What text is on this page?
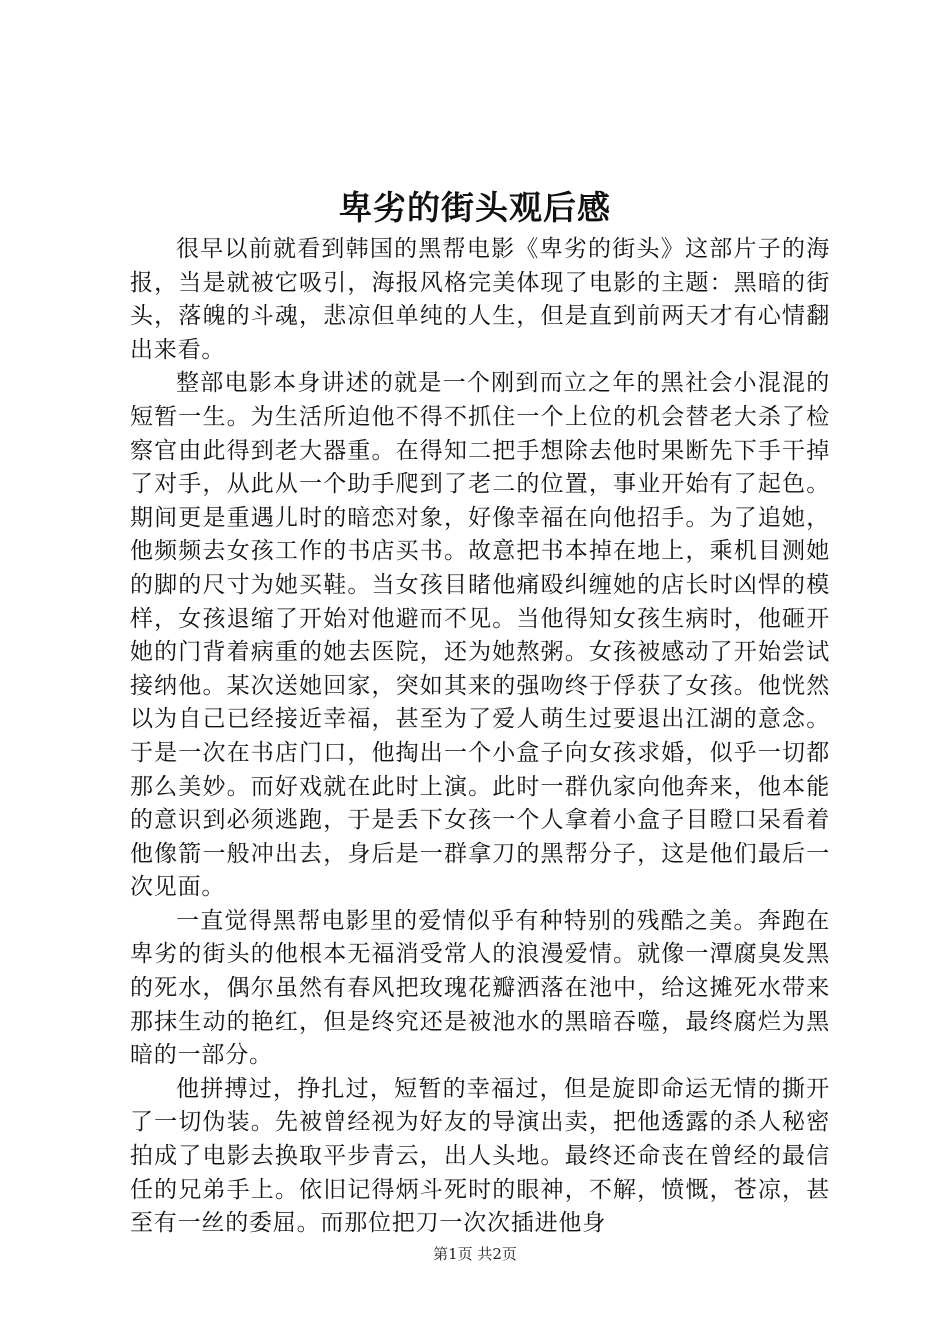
卑劣的街头观后感

很早以前就看到韩国的黑帮电影《卑劣的街头》这部片子的海报，当是就被它吸引，海报风格完美体现了电影的主题：黑暗的街头，落魄的斗魂，悲凉但单纯的人生，但是直到前两天才有心情翻出来看。

整部电影本身讲述的就是一个刚到而立之年的黑社会小混混的短暂一生。为生活所迫他不得不抓住一个上位的机会替老大杀了检察官由此得到老大器重。在得知二把手想除去他时果断先下手干掉了对手，从此从一个助手爬到了老二的位置，事业开始有了起色。期间更是重遇儿时的暗恋对象，好像幸福在向他招手。为了追她，他频频去女孩工作的书店买书。故意把书本掉在地上，乘机目测她的脚的尺寸为她买鞋。当女孩目睹他痛殴纠缠她的店长时凶悍的模样，女孩退缩了开始对他避而不见。当他得知女孩生病时，他砸开她的门背着病重的她去医院，还为她熬粥。女孩被感动了开始尝试接纳他。某次送她回家，突如其来的强吻终于俘获了女孩。他恍然以为自己已经接近幸福，甚至为了爱人萌生过要退出江湖的意念。于是一次在书店门口，他掏出一个小盒子向女孩求婚，似乎一切都那么美妙。而好戏就在此时上演。此时一群仇家向他奔来，他本能的意识到必须逃跑，于是丢下女孩一个人拿着小盒子目瞪口呆看着他像箭一般冲出去，身后是一群拿刀的黑帮分子，这是他们最后一次见面。

一直觉得黑帮电影里的爱情似乎有种特别的残酷之美。奔跑在卑劣的街头的他根本无福消受常人的浪漫爱情。就像一潭腐臭发黑的死水，偶尔虽然有春风把玫瑰花瓣洒落在池中，给这摊死水带来那抹生动的艳红，但是终究还是被池水的黑暗吞噬，最终腐烂为黑暗的一部分。

他拼搏过，挣扎过，短暂的幸福过，但是旋即命运无情的撕开了一切伪装。先被曾经视为好友的导演出卖，把他透露的杀人秘密拍成了电影去换取平步青云，出人头地。最终还命丧在曾经的最信任的兄弟手上。依旧记得炳斗死时的眼神，不解，愤慨，苍凉，甚至有一丝的委屈。而那位把刀一次次插进他身

第1页 共2页
